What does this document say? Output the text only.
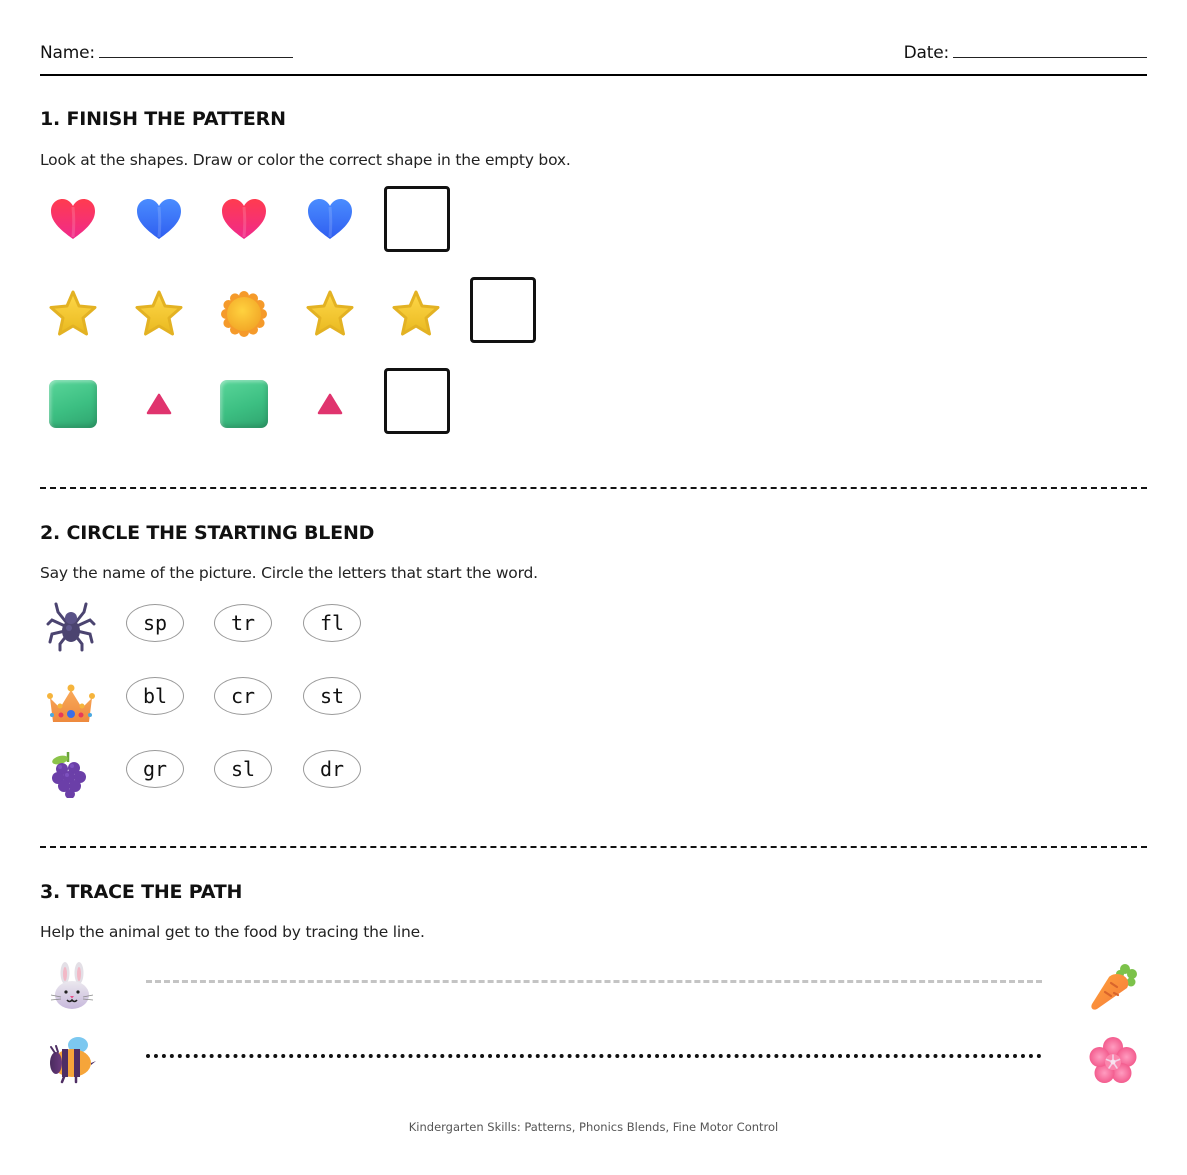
Name:	Date:
1. FINISH THE PATTERN
Look at the shapes. Draw or color the correct shape in the empty box.
2. CIRCLE THE STARTING BLEND
Say the name of the picture. Circle the letters that start the word.
sp	tr	fl
bl	cr	st
gr	sl	dr
3. TRACE THE PATH
Help the animal get to the food by tracing the line.
Kindergarten Skills: Patterns, Phonics Blends, Fine Motor Control
